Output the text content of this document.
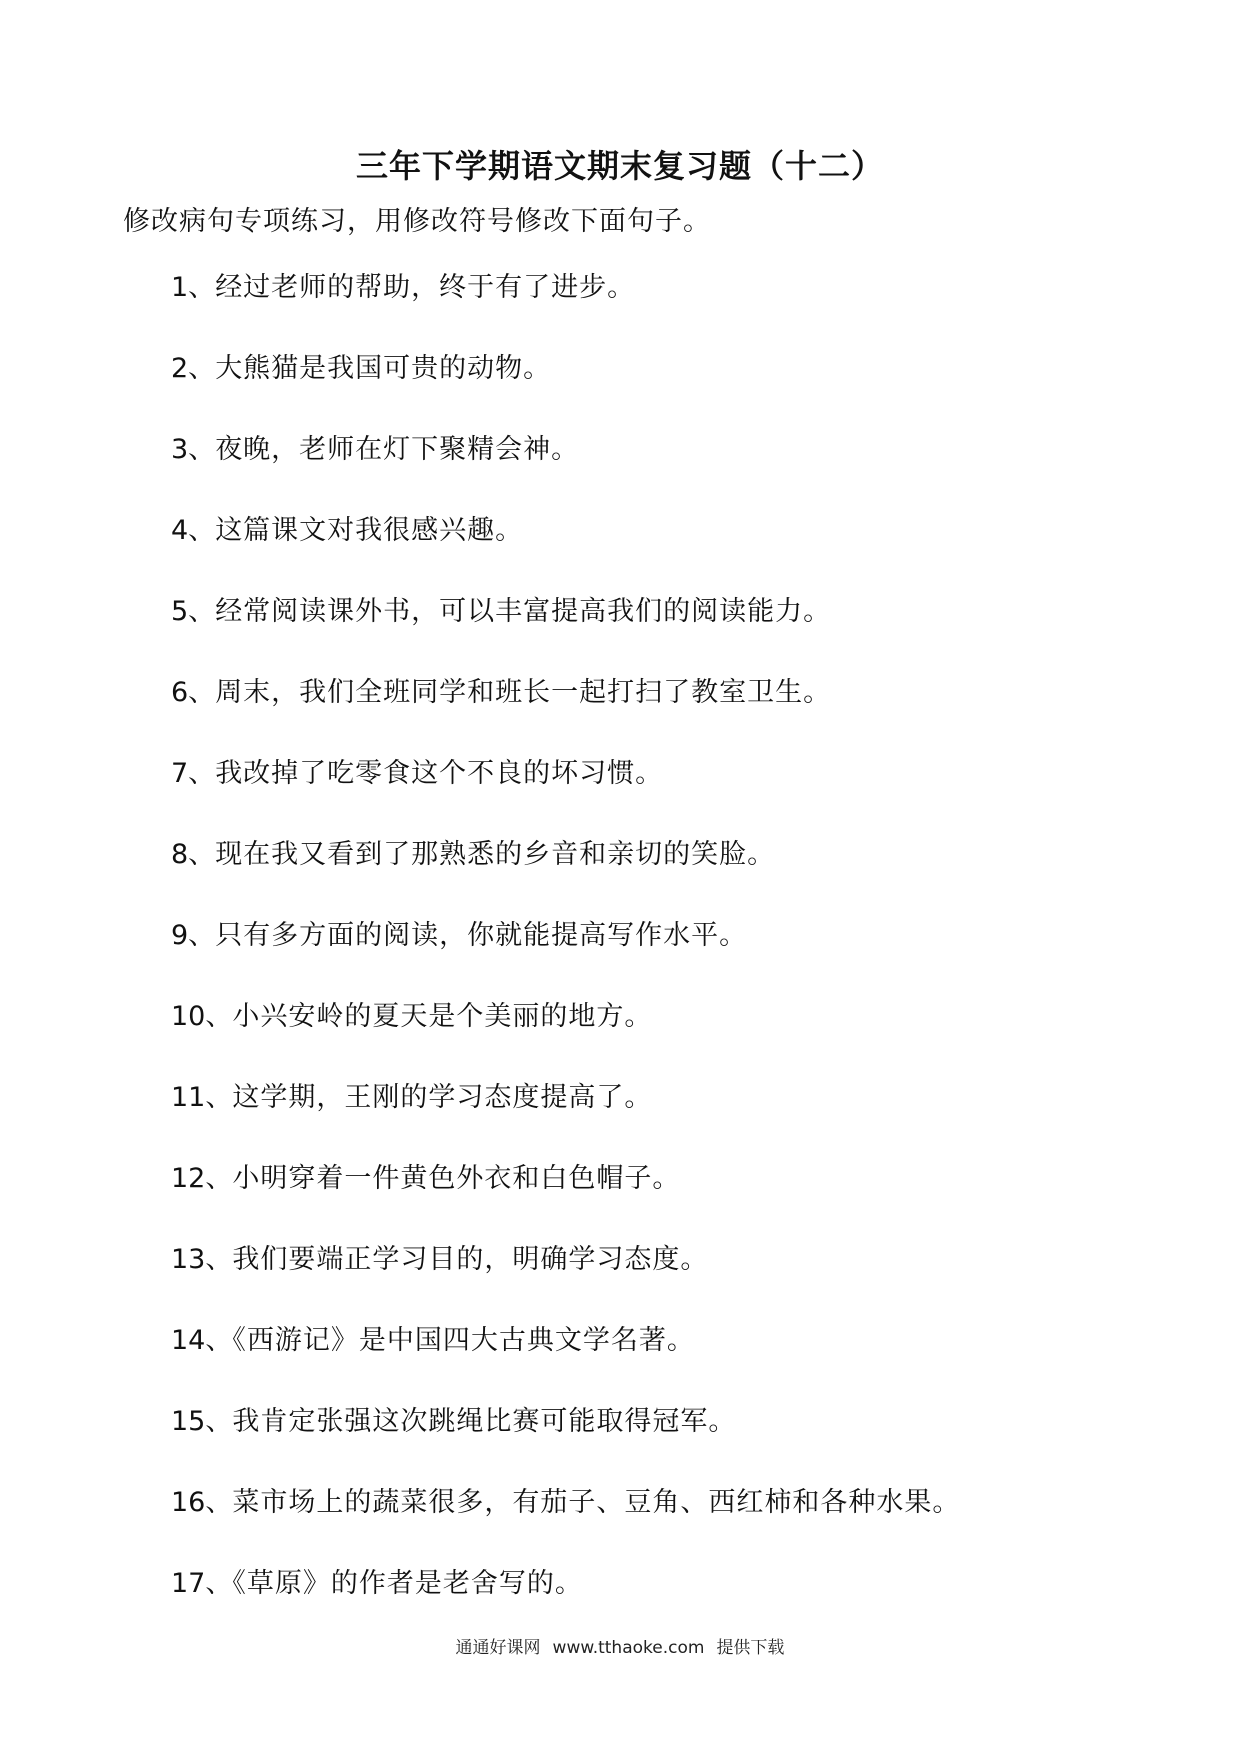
三年下学期语文期末复习题（十二）

修改病句专项练习，用修改符号修改下面句子。

1、经过老师的帮助，终于有了进步。
2、大熊猫是我国可贵的动物。
3、夜晚，老师在灯下聚精会神。
4、这篇课文对我很感兴趣。
5、经常阅读课外书，可以丰富提高我们的阅读能力。
6、周末，我们全班同学和班长一起打扫了教室卫生。
7、我改掉了吃零食这个不良的坏习惯。
8、现在我又看到了那熟悉的乡音和亲切的笑脸。
9、只有多方面的阅读，你就能提高写作水平。
10、小兴安岭的夏天是个美丽的地方。
11、这学期，王刚的学习态度提高了。
12、小明穿着一件黄色外衣和白色帽子。
13、我们要端正学习目的，明确学习态度。
14、《西游记》是中国四大古典文学名著。
15、我肯定张强这次跳绳比赛可能取得冠军。
16、菜市场上的蔬菜很多，有茄子、豆角、西红柿和各种水果。
17、《草原》的作者是老舍写的。
通通好课网 www.tthaoke.com 提供下载
